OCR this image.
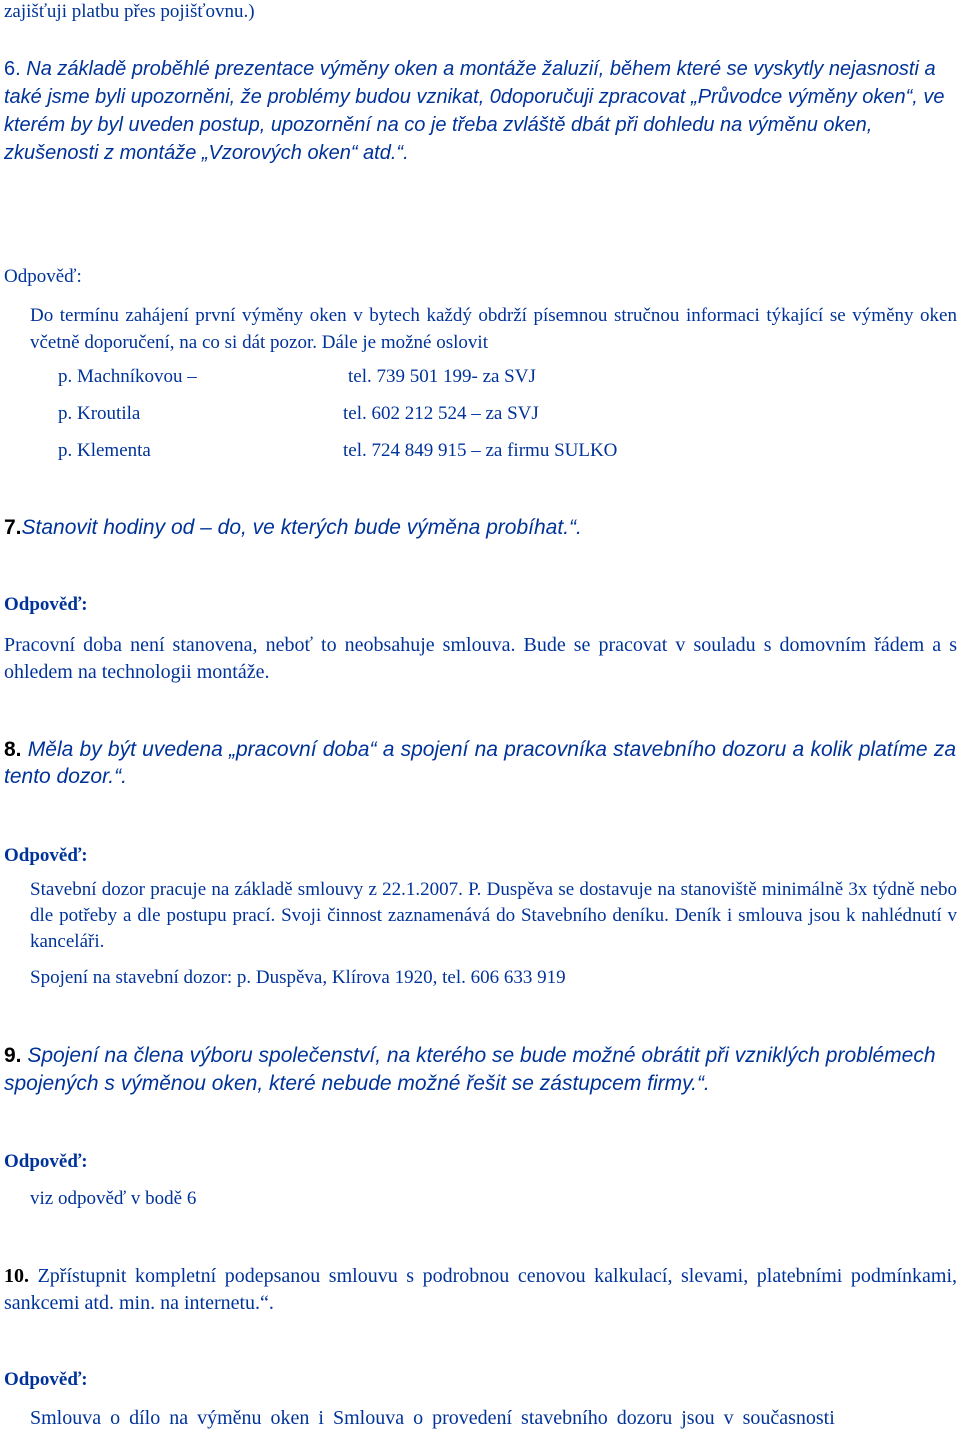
zajišťuji platbu přes pojišťovnu.)
6. Na základě proběhlé prezentace výměny oken a montáže žaluzií, během které se vyskytly nejasnosti a také jsme byli upozorněni, že problémy budou vznikat, 0doporučuji zpracovat „Průvodce výměny oken“, ve kterém by byl uveden postup, upozornění na co je třeba zvláště dbát při dohledu na výměnu oken, zkušenosti z montáže „Vzorových oken“ atd.“.
Odpověď:
Do termínu zahájení první výměny oken v bytech každý obdrží písemnou stručnou informaci týkající se výměny oken včetně doporučení, na co si dát pozor. Dále je možné oslovit
p. Machníkovou –	tel. 739 501 199- za SVJ
p. Kroutila	tel. 602 212 524 – za SVJ
p. Klementa	tel. 724 849 915 – za firmu SULKO
7.Stanovit hodiny od – do, ve kterých bude výměna probíhat.“.
Odpověď:
Pracovní doba není stanovena, neboť to neobsahuje smlouva. Bude se pracovat v souladu s domovním řádem a s ohledem na technologii montáže.
8. Měla by být uvedena „pracovní doba“ a spojení na pracovníka stavebního dozoru a kolik platíme za tento dozor.“.
Odpověď:
Stavební dozor pracuje na základě smlouvy z 22.1.2007. P. Duspěva se dostavuje na stanoviště minimálně 3x týdně nebo dle potřeby a dle postupu prací. Svoji činnost zaznamenává do Stavebního deníku. Deník i smlouva jsou k nahlédnutí v kanceláři.
Spojení na stavební dozor: p. Duspěva, Klírova 1920, tel. 606 633 919
9. Spojení na člena výboru společenství, na kterého se bude možné obrátit při vzniklých problémech spojených s výměnou oken, které nebude možné řešit se zástupcem firmy.“.
Odpověď:
viz odpověď v bodě 6
10. Zpřístupnit kompletní podepsanou smlouvu s podrobnou cenovou kalkulací, slevami, platebními podmínkami, sankcemi atd. min. na internetu.“.
Odpověď:
Smlouva o dílo na výměnu oken i Smlouva o provedení stavebního dozoru jsou v současnosti
